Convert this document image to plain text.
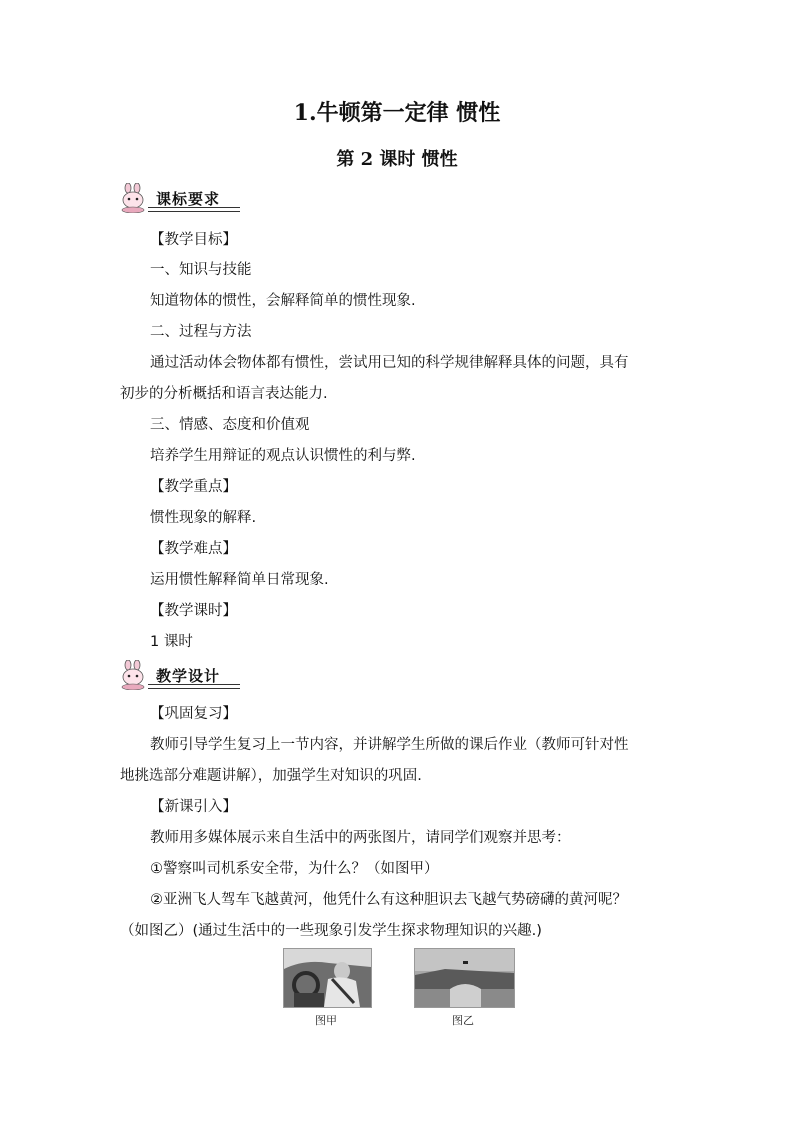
1.牛顿第一定律 惯性
第 2 课时 惯性
课标要求
【教学目标】
一、知识与技能
知道物体的惯性，会解释简单的惯性现象.
二、过程与方法
通过活动体会物体都有惯性，尝试用已知的科学规律解释具体的问题，具有
初步的分析概括和语言表达能力.
三、情感、态度和价值观
培养学生用辩证的观点认识惯性的利与弊.
【教学重点】
惯性现象的解释.
【教学难点】
运用惯性解释简单日常现象.
【教学课时】
1 课时
教学设计
【巩固复习】
教师引导学生复习上一节内容，并讲解学生所做的课后作业（教师可针对性
地挑选部分难题讲解），加强学生对知识的巩固.
【新课引入】
教师用多媒体展示来自生活中的两张图片，请同学们观察并思考：
①警察叫司机系安全带，为什么？（如图甲）
②亚洲飞人驾车飞越黄河，他凭什么有这种胆识去飞越气势磅礴的黄河呢？
（如图乙）(通过生活中的一些现象引发学生探求物理知识的兴趣.)
图甲	图乙
